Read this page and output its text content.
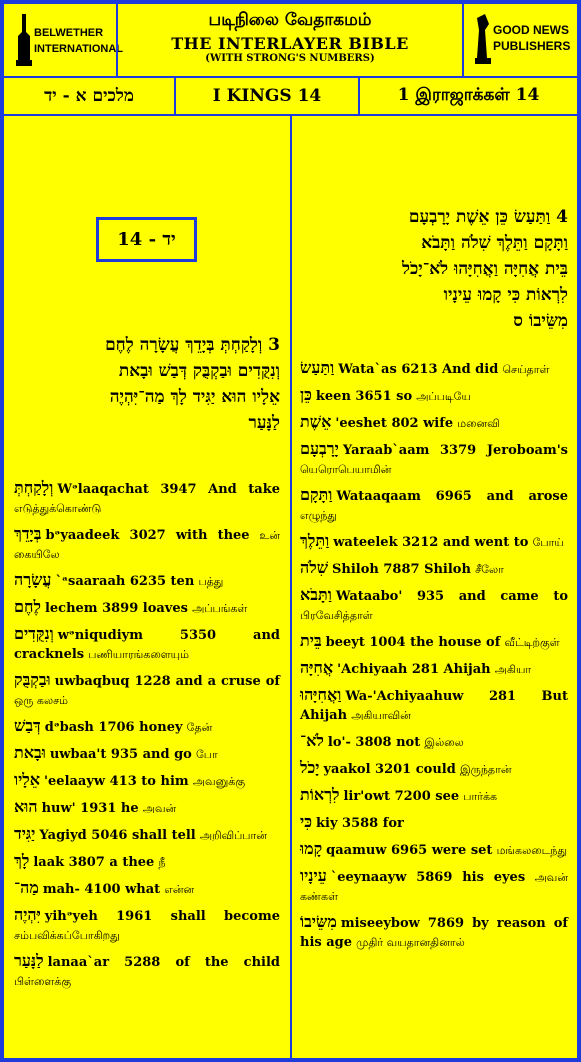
BELWETHER
INTERNATIONAL
படிநிலை வேதாகமம்
THE INTERLAYER BIBLE
(WITH STRONG'S NUMBERS)
GOOD NEWS
PUBLISHERS
מלכים א - יד	I KINGS 14	1 இராஜாக்கள் 14
יד - 14
3 וְלָקַחְתְּ בְּיָדֵךְ עֲשָׂרָה לֶחֶם
וְנִקֻּדִים וּבַקְבֻּק דְּבַשׁ וּבָאת
אֵלָיו הוּא יַגִּיד לָךְ מַה־יִּהְיֶה
לַנָּעַר
וְלָקַחְתְּ Wᵊlaaqachat 3947 And take எடுத்துக்கொண்டு
בְּיָדֵךְ bᵊyaadeek 3027 with thee உன் கையிலே
עֲשָׂרָה `ᵃsaaraah 6235 ten பத்து
לֶחֶם lechem 3899 loaves அப்பங்கள்
וְנִקֻּדִים wᵊniqudiym 5350 and cracknels பணியாரங்களையும்
וּבַקְבֻּק uwbaqbuq 1228 and a cruse of ஒரு கலசம்
דְּבַשׁ dᵊbash 1706 honey தேன்
וּבָאת uwbaa't 935 and go போ
אֵלָיו 'eelaayw 413 to him அவனுக்கு
הוּא huw' 1931 he அவன்
יַגִּיד Yagiyd 5046 shall tell அறிவிப்பான்
לָךְ laak 3807 a thee நீ
מַה־ mah- 4100 what என்ன
יִּהְיֶה yihᵊyeh 1961 shall become சம்பவிக்கப்போகிறது
לַנָּעַר lanaa`ar 5288 of the child பிள்ளைக்கு
4 וַתַּעַשׂ כֵּן אֵשֶׁת יָרָבְעָם
וַתָּקָם וַתֵּלֶךְ שִׁלֹה וַתָּבֹא
בֵּית אֲחִיָּה וַאֲחִיָּהוּ לֹא־יָכֹל
לִרְאוֹת כִּי קָמוּ עֵינָיו
מִשֵּׂיבוֹ ס
וַתַּעַשׂ Wata`as 6213 And did செய்தாள்
כֵּן keen 3651 so அப்படியே
אֵשֶׁת 'eeshet 802 wife மனைவி
יָרָבְעָם Yaraab`aam 3379 Jeroboam's யெரொபெயாமின்
וַתָּקָם Wataaqaam 6965 and arose எழுந்து
וַתֵּלֶךְ wateelek 3212 and went to போய்
שִׁלֹה Shiloh 7887 Shiloh சீலோ
וַתָּבֹא Wataabo' 935 and came to பிரவேசித்தாள்
בֵּית beeyt 1004 the house of வீட்டிற்குள்
אֲחִיָּה 'Achiyaah 281 Ahijah அகியா
וַאֲחִיָּהוּ Wa-'Achiyaahuw 281 But Ahijah அகியாவின்
לֹא־ lo'- 3808 not இல்லை
יָכֹל yaakol 3201 could இருந்தான்
לִרְאוֹת lir'owt 7200 see பார்க்க
כִּי kiy 3588 for
קָמוּ qaamuw 6965 were set மங்கலடைந்து
עֵינָיו `eeynaayw 5869 his eyes அவன் கண்கள்
מִשֵּׂיבוֹ miseeybow 7869 by reason of his age முதிர் வயதானதினால்
